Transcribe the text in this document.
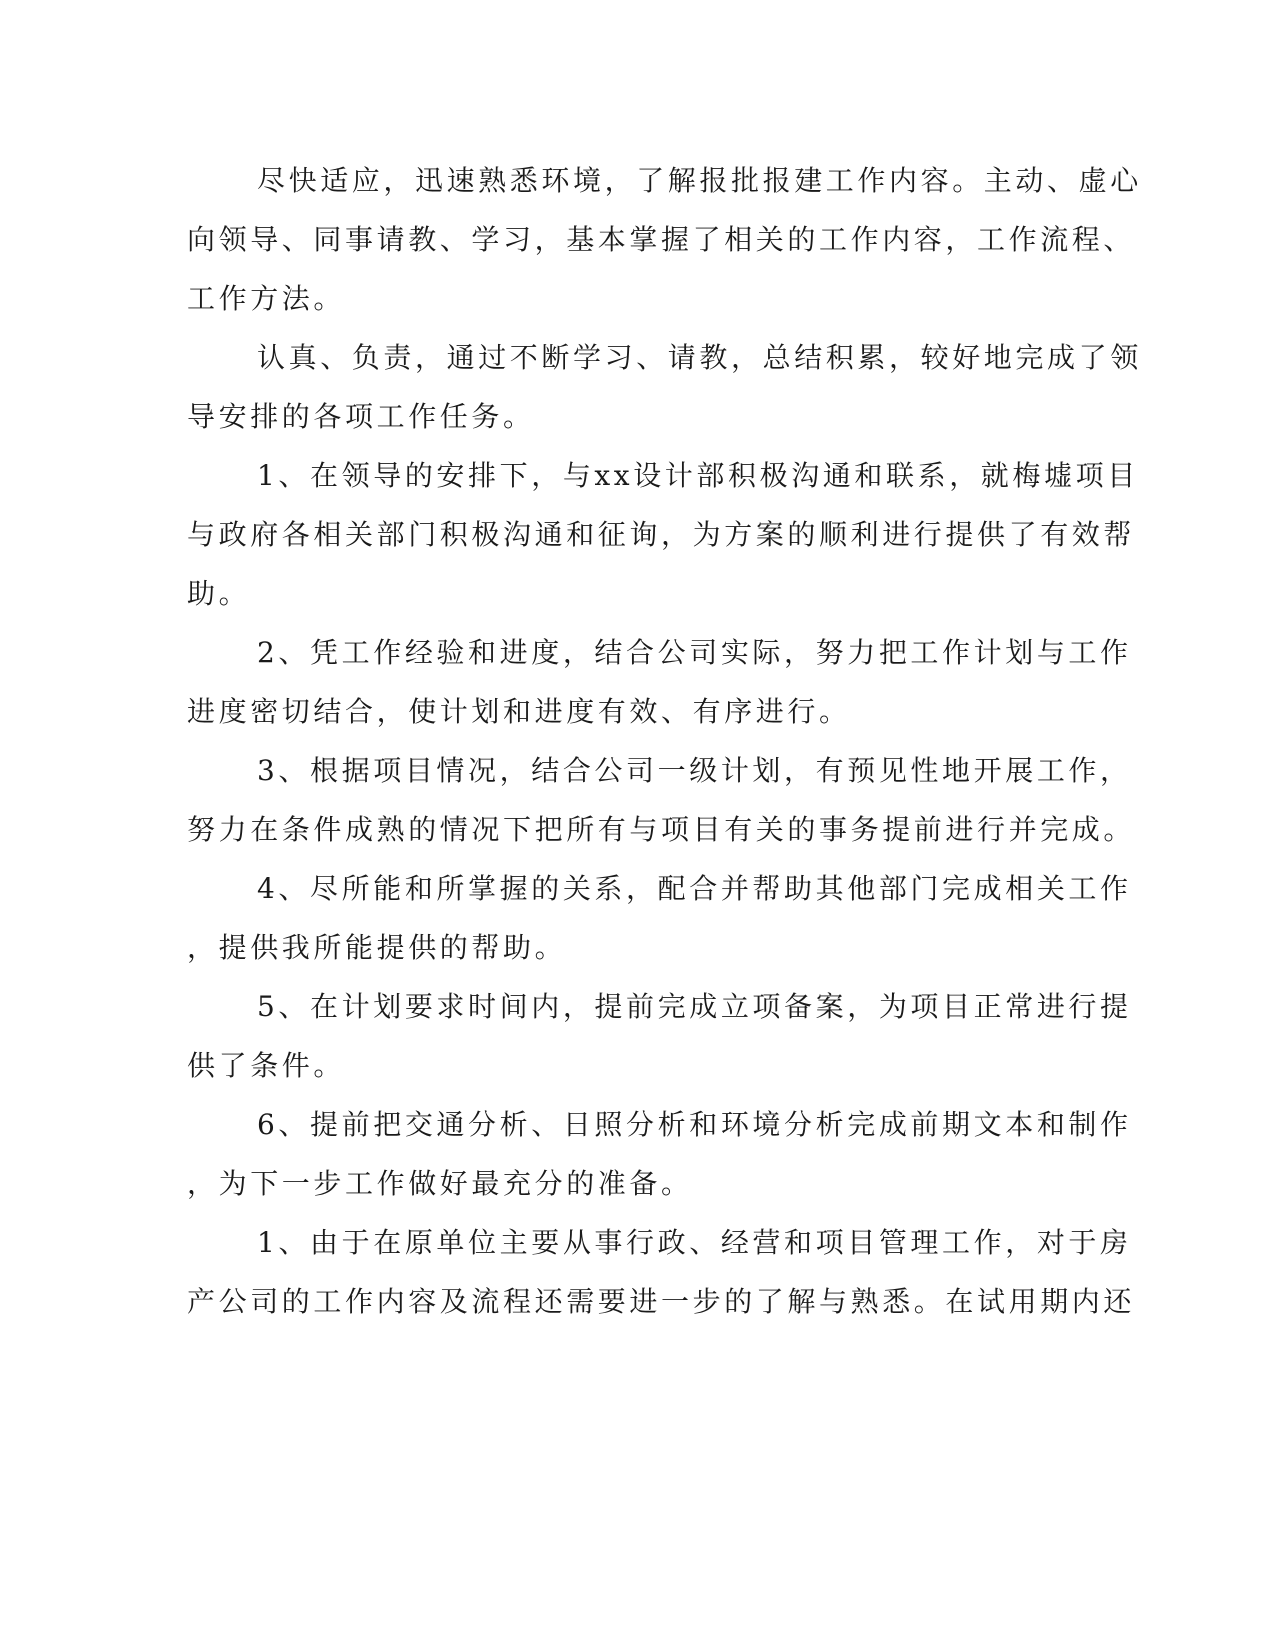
尽快适应，迅速熟悉环境，了解报批报建工作内容。主动、虚心
向领导、同事请教、学习，基本掌握了相关的工作内容，工作流程、
工作方法。
认真、负责，通过不断学习、请教，总结积累，较好地完成了领
导安排的各项工作任务。
1、在领导的安排下，与xx设计部积极沟通和联系，就梅墟项目
与政府各相关部门积极沟通和征询，为方案的顺利进行提供了有效帮
助。
2、凭工作经验和进度，结合公司实际，努力把工作计划与工作
进度密切结合，使计划和进度有效、有序进行。
3、根据项目情况，结合公司一级计划，有预见性地开展工作，
努力在条件成熟的情况下把所有与项目有关的事务提前进行并完成。
4、尽所能和所掌握的关系，配合并帮助其他部门完成相关工作
，提供我所能提供的帮助。
5、在计划要求时间内，提前完成立项备案，为项目正常进行提
供了条件。
6、提前把交通分析、日照分析和环境分析完成前期文本和制作
，为下一步工作做好最充分的准备。
1、由于在原单位主要从事行政、经营和项目管理工作，对于房
产公司的工作内容及流程还需要进一步的了解与熟悉。在试用期内还
